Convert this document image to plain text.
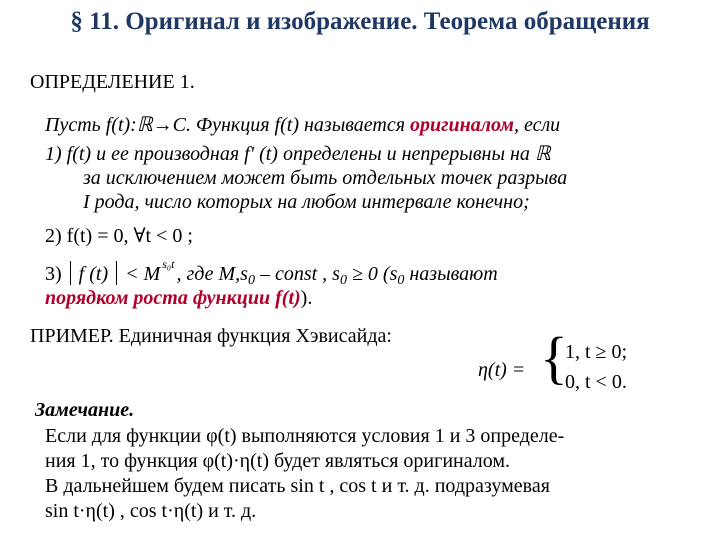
§ 11. Оригинал и изображение. Теорема обращения
ОПРЕДЕЛЕНИЕ 1.
Пусть f(t):ℝ→C. Функция f(t) называется оригиналом, если
1) f(t) и ее производная f′ (t) определены и непрерывны на ℝ
за исключением может быть отдельных точек разрыва
I рода, число которых на любом интервале конечно;
2) f(t) = 0, ∀t < 0 ;
3)  f (t)  < M s₀t , где $M,s_0$ – const , $s_0 \ge 0$ ($s_0$ называют
порядком роста функции f(t)).
ПРИМЕР. Единичная функция Хэвисайда:
η(t) = {
1, t ≥ 0;
0, t < 0.
Замечание.
Если для функции φ(t) выполняются условия 1 и 3 определе-
ния 1, то функция φ(t)·η(t) будет являться оригиналом.
В дальнейшем будем писать sin t , cos t и т. д. подразумевая
sin t·η(t) , cos t·η(t) и т. д.
